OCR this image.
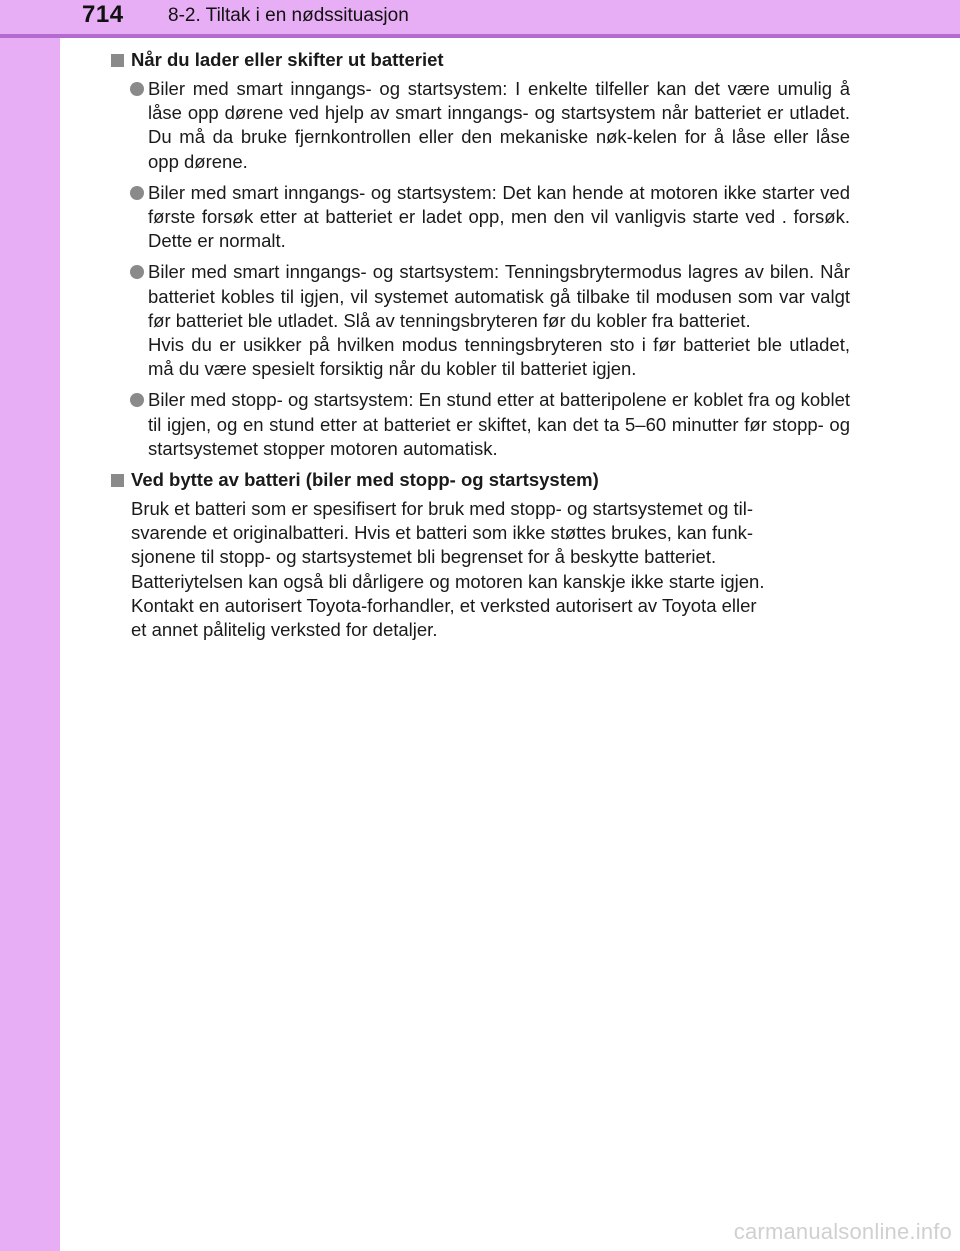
714 8-2. Tiltak i en nødssituasjon
Når du lader eller skifter ut batteriet

Biler med smart inngangs- og startsystem: I enkelte tilfeller kan det være umulig å låse opp dørene ved hjelp av smart inngangs- og startsystem når batteriet er utladet. Du må da bruke fjernkontrollen eller den mekaniske nøk-kelen for å låse eller låse opp dørene.

Biler med smart inngangs- og startsystem: Det kan hende at motoren ikke starter ved første forsøk etter at batteriet er ladet opp, men den vil vanligvis starte ved . forsøk. Dette er normalt.

Biler med smart inngangs- og startsystem: Tenningsbrytermodus lagres av bilen. Når batteriet kobles til igjen, vil systemet automatisk gå tilbake til modusen som var valgt før batteriet ble utladet. Slå av tenningsbryteren før du kobler fra batteriet.

Hvis du er usikker på hvilken modus tenningsbryteren sto i før batteriet ble utladet, må du være spesielt forsiktig når du kobler til batteriet igjen.

Biler med stopp- og startsystem: En stund etter at batteripolene er koblet fra og koblet til igjen, og en stund etter at batteriet er skiftet, kan det ta 5–60 minutter før stopp- og startsystemet stopper motoren automatisk.

Ved bytte av batteri (biler med stopp- og startsystem)
Bruk et batteri som er spesifisert for bruk med stopp- og startsystemet og til-
svarende et originalbatteri. Hvis et batteri som ikke støttes brukes, kan funk-
sjonene til stopp- og startsystemet bli begrenset for å beskytte batteriet.
Batteriytelsen kan også bli dårligere og motoren kan kanskje ikke starte igjen.
Kontakt en autorisert Toyota-forhandler, et verksted autorisert av Toyota eller
et annet pålitelig verksted for detaljer.
carmanualsonline.info
